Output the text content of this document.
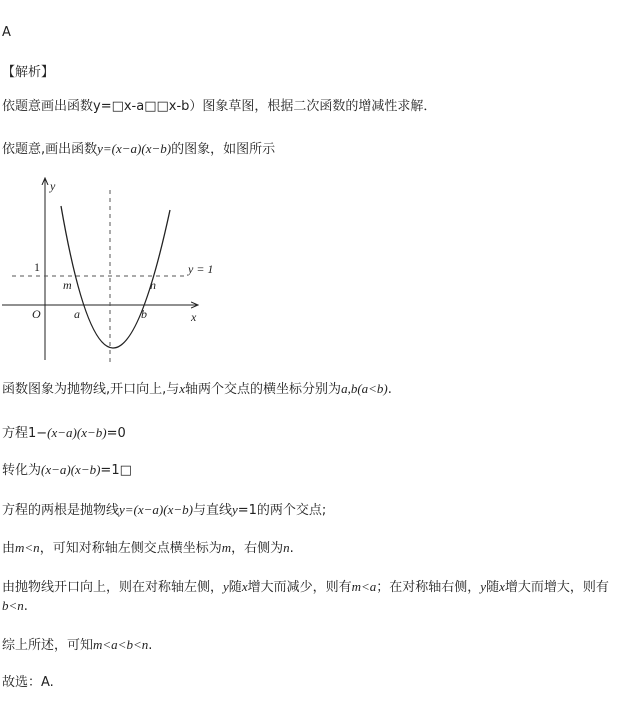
A
【解析】
依题意画出函数y=□x-a□□x-b）图象草图，根据二次函数的增减性求解．
依题意,画出函数y=(x−a)(x−b)的图象，如图所示
y
1
m	n
y = 1
O	a	b	x
函数图象为抛物线,开口向上,与x轴两个交点的横坐标分别为a,b(a<b).
方程1−(x−a)(x−b)=0
转化为(x−a)(x−b)=1□
方程的两根是抛物线y=(x−a)(x−b)与直线y=1的两个交点;
由m<n，可知对称轴左侧交点横坐标为m，右侧为n.
由抛物线开口向上，则在对称轴左侧，y随x增大而减少，则有m<a；在对称轴右侧，y随x增大而增大，则有b<n.
综上所述，可知m<a<b<n.
故选：A.
